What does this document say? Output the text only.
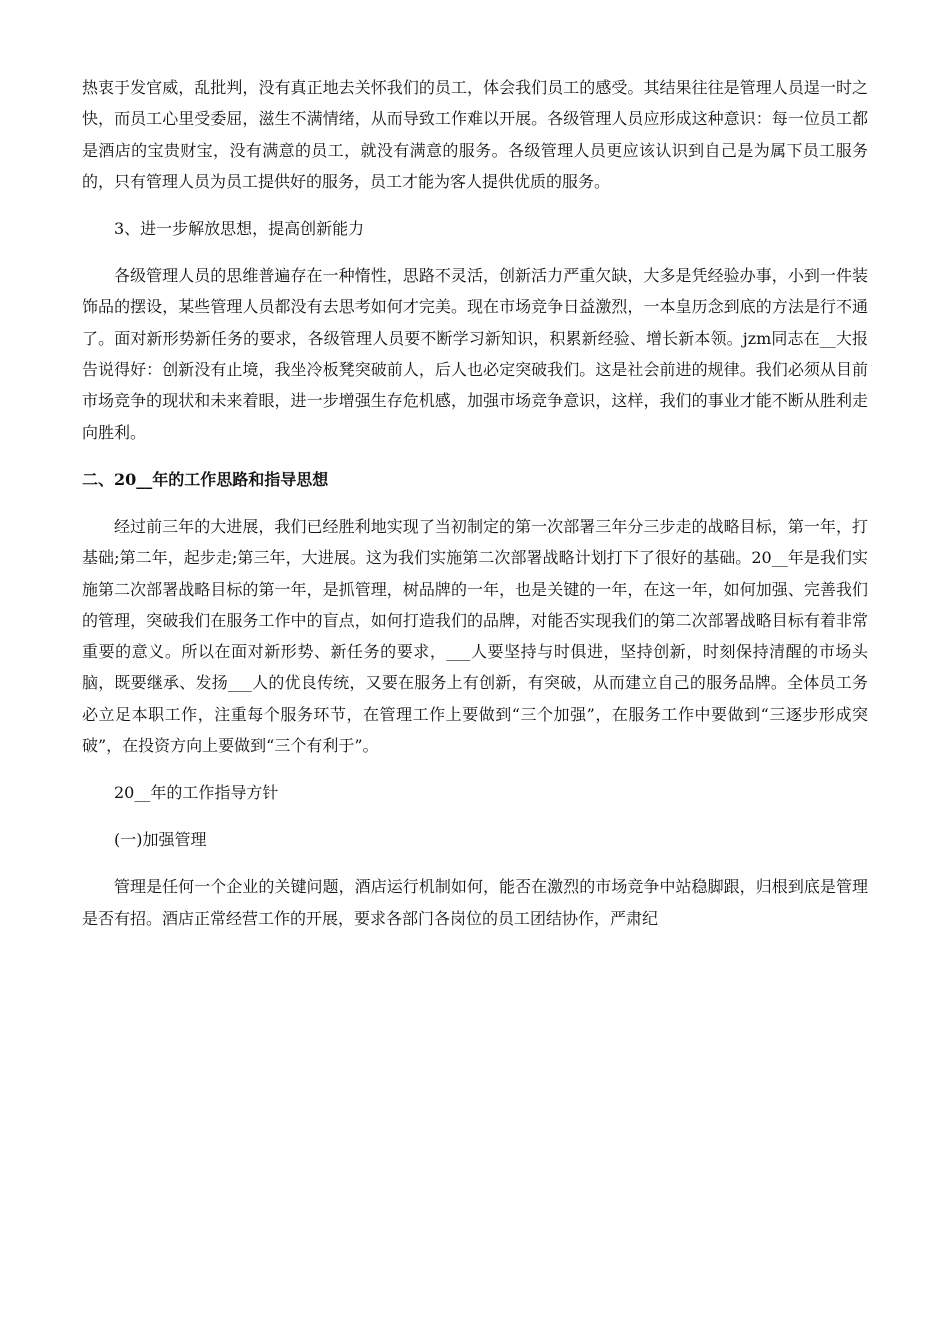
热衷于发官威，乱批判，没有真正地去关怀我们的员工，体会我们员工的感受。其结果往往是管理人员逞一时之快，而员工心里受委屈，滋生不满情绪，从而导致工作难以开展。各级管理人员应形成这种意识：每一位员工都是酒店的宝贵财宝，没有满意的员工，就没有满意的服务。各级管理人员更应该认识到自己是为属下员工服务的，只有管理人员为员工提供好的服务，员工才能为客人提供优质的服务。

3、进一步解放思想，提高创新能力

各级管理人员的思维普遍存在一种惰性，思路不灵活，创新活力严重欠缺，大多是凭经验办事，小到一件装饰品的摆设，某些管理人员都没有去思考如何才完美。现在市场竞争日益激烈，一本皇历念到底的方法是行不通了。面对新形势新任务的要求，各级管理人员要不断学习新知识，积累新经验、增长新本领。jzm同志在__大报告说得好：创新没有止境，我坐冷板凳突破前人，后人也必定突破我们。这是社会前进的规律。我们必须从目前市场竞争的现状和未来着眼，进一步增强生存危机感，加强市场竞争意识，这样，我们的事业才能不断从胜利走向胜利。

二、20__年的工作思路和指导思想

经过前三年的大进展，我们已经胜利地实现了当初制定的第一次部署三年分三步走的战略目标，第一年，打基础;第二年，起步走;第三年，大进展。这为我们实施第二次部署战略计划打下了很好的基础。20__年是我们实施第二次部署战略目标的第一年，是抓管理，树品牌的一年，也是关键的一年，在这一年，如何加强、完善我们的管理，突破我们在服务工作中的盲点，如何打造我们的品牌，对能否实现我们的第二次部署战略目标有着非常重要的意义。所以在面对新形势、新任务的要求，___人要坚持与时俱进，坚持创新，时刻保持清醒的市场头脑，既要继承、发扬___人的优良传统，又要在服务上有创新，有突破，从而建立自己的服务品牌。全体员工务必立足本职工作，注重每个服务环节，在管理工作上要做到“三个加强”，在服务工作中要做到“三逐步形成突破”，在投资方向上要做到“三个有利于”。

20__年的工作指导方针

(一)加强管理

管理是任何一个企业的关键问题，酒店运行机制如何，能否在激烈的市场竞争中站稳脚跟，归根到底是管理是否有招。酒店正常经营工作的开展，要求各部门各岗位的员工团结协作，严肃纪
